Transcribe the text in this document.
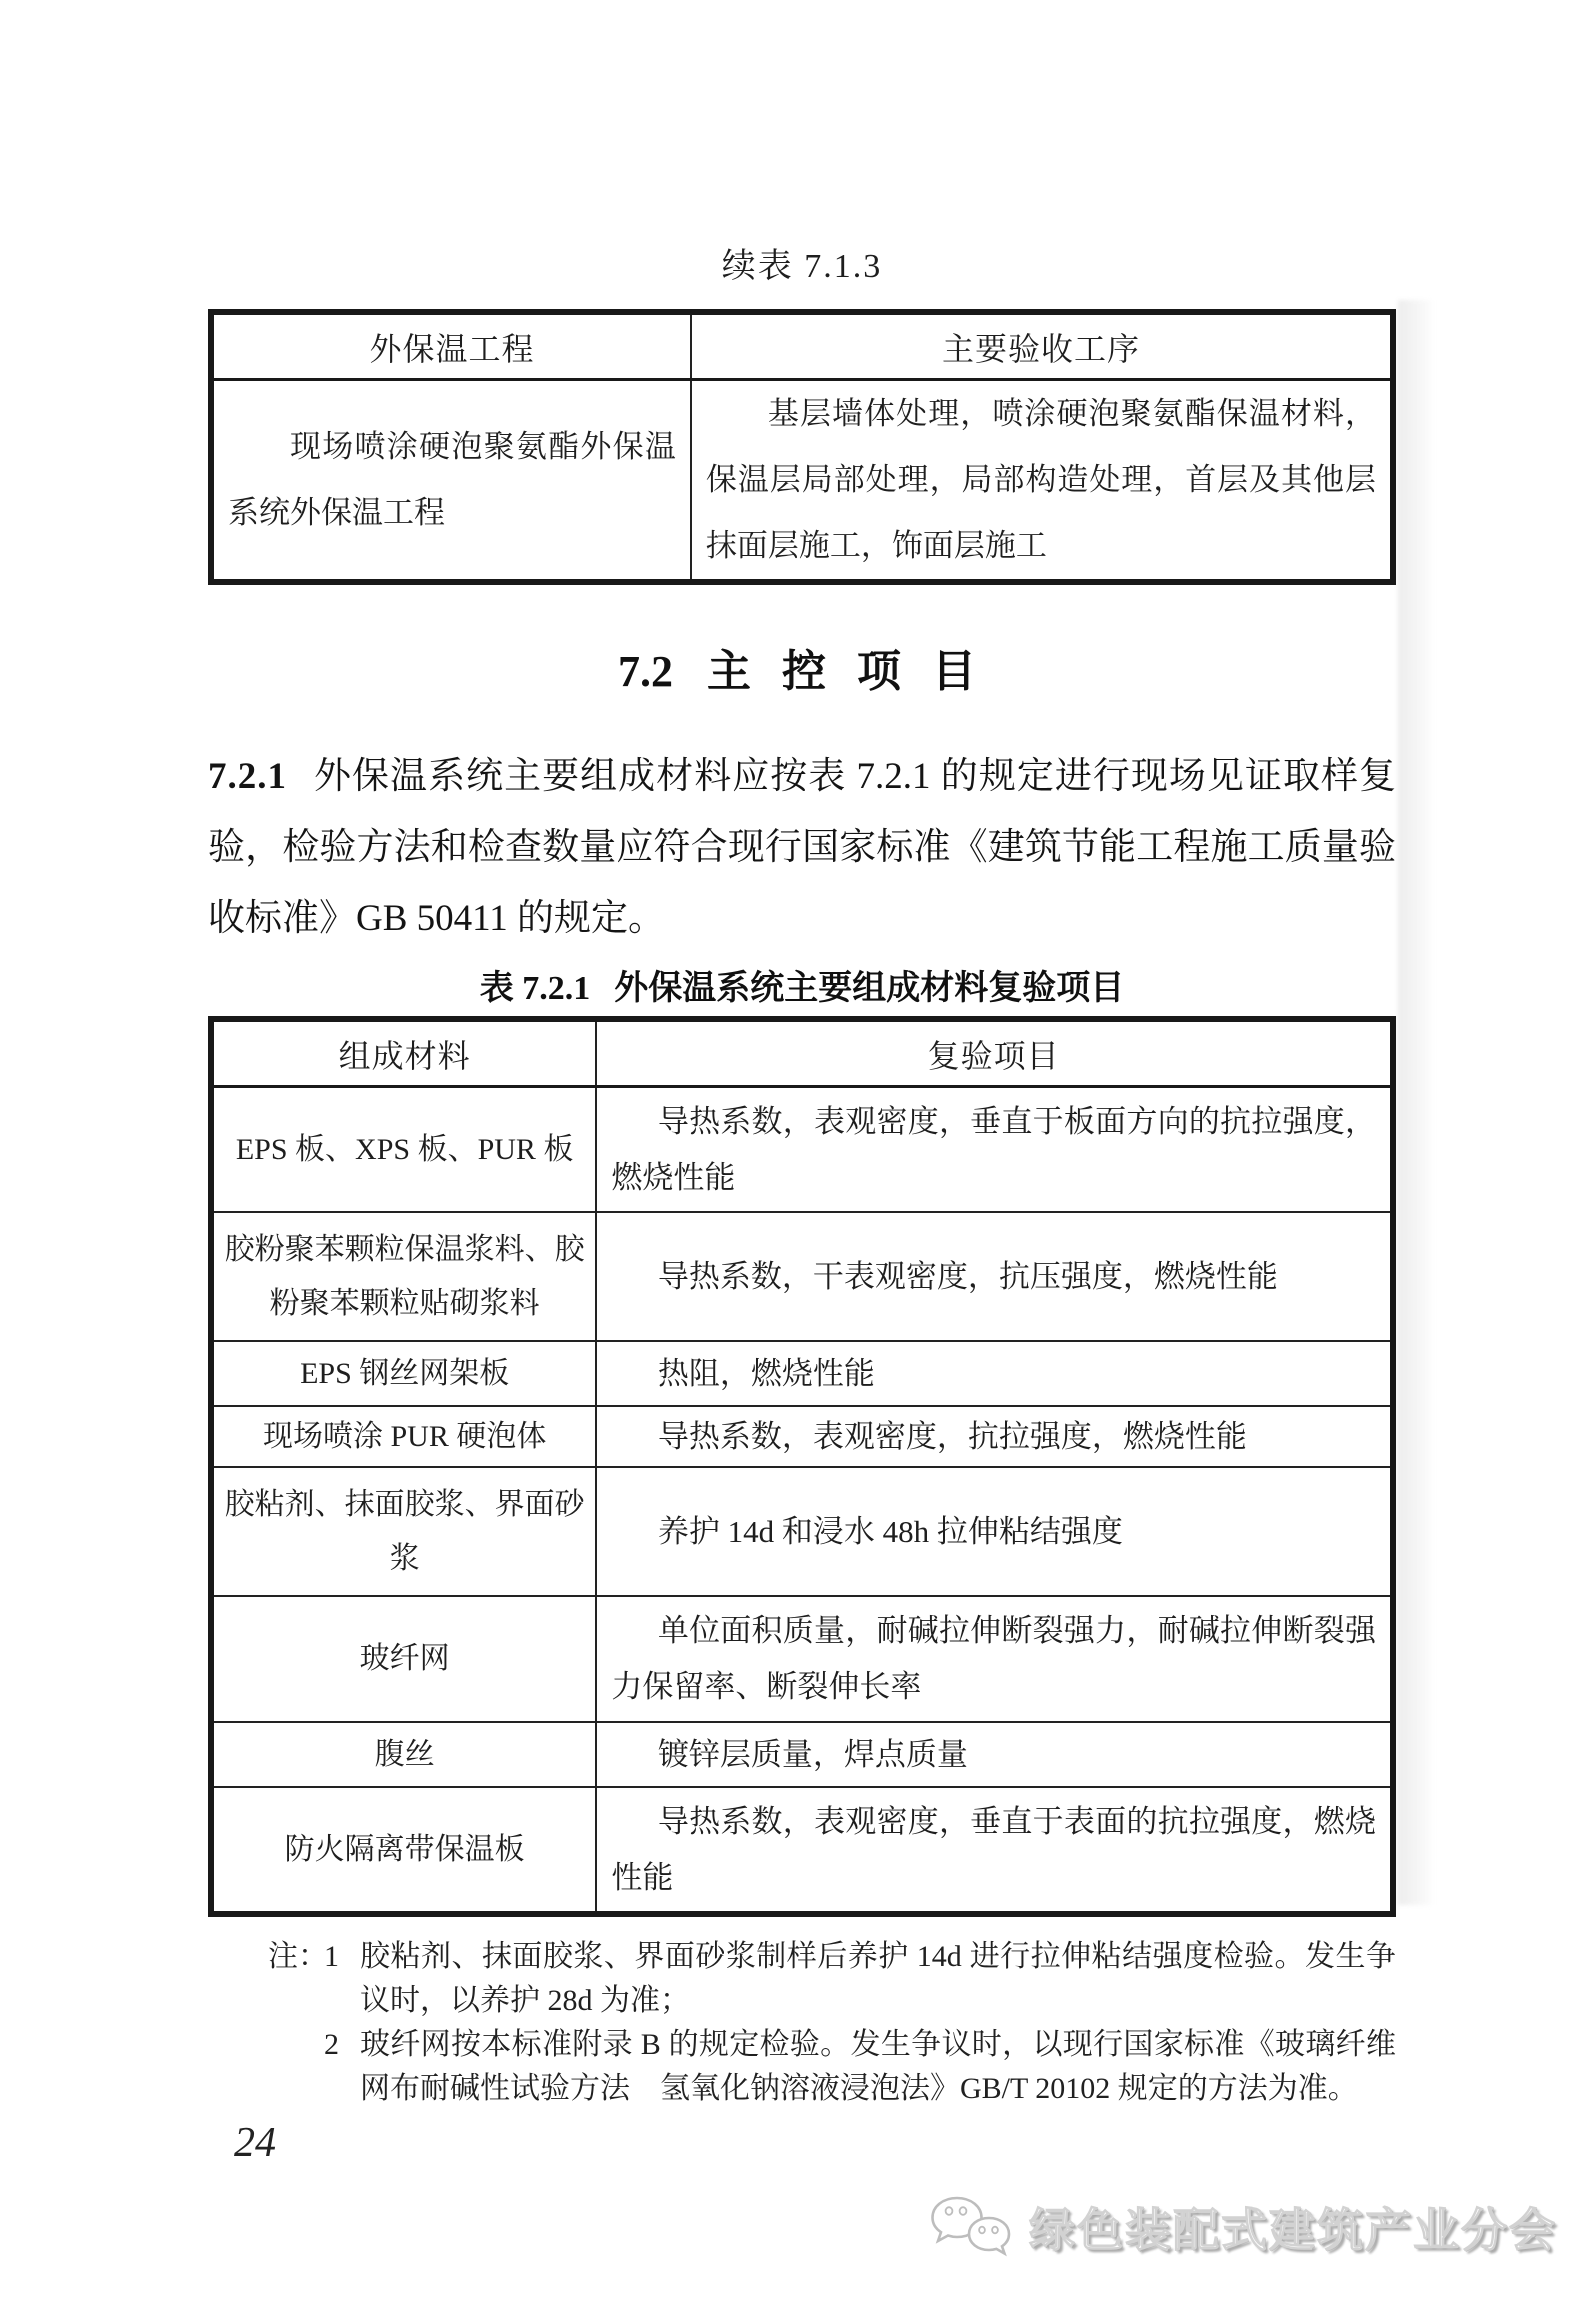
续表 7.1.3
外保温工程	主要验收工序
现场喷涂硬泡聚氨酯外保温系统外保温工程	基层墙体处理，喷涂硬泡聚氨酯保温材料，保温层局部处理，局部构造处理，首层及其他层抹面层施工，饰面层施工
7.2 主 控 项 目

7.2.1 外保温系统主要组成材料应按表 7.2.1 的规定进行现场见证取样复验，检验方法和检查数量应符合现行国家标准《建筑节能工程施工质量验收标准》GB 50411 的规定。

表 7.2.1 外保温系统主要组成材料复验项目
组成材料	复验项目
EPS 板、XPS 板、PUR 板	导热系数，表观密度，垂直于板面方向的抗拉强度，燃烧性能
胶粉聚苯颗粒保温浆料、胶粉聚苯颗粒贴砌浆料	导热系数，干表观密度，抗压强度，燃烧性能
EPS 钢丝网架板	热阻，燃烧性能
现场喷涂 PUR 硬泡体	导热系数，表观密度，抗拉强度，燃烧性能
胶粘剂、抹面胶浆、界面砂浆	养护 14d 和浸水 48h 拉伸粘结强度
玻纤网	单位面积质量，耐碱拉伸断裂强力，耐碱拉伸断裂强力保留率、断裂伸长率
腹丝	镀锌层质量，焊点质量
防火隔离带保温板	导热系数，表观密度，垂直于表面的抗拉强度，燃烧性能
注：
1 胶粘剂、抹面胶浆、界面砂浆制样后养护 14d 进行拉伸粘结强度检验。发生争议时，以养护 28d 为准；
2 玻纤网按本标准附录 B 的规定检验。发生争议时，以现行国家标准《玻璃纤维网布耐碱性试验方法　氢氧化钠溶液浸泡法》GB/T 20102 规定的方法为准。
24
绿色装配式建筑产业分会
